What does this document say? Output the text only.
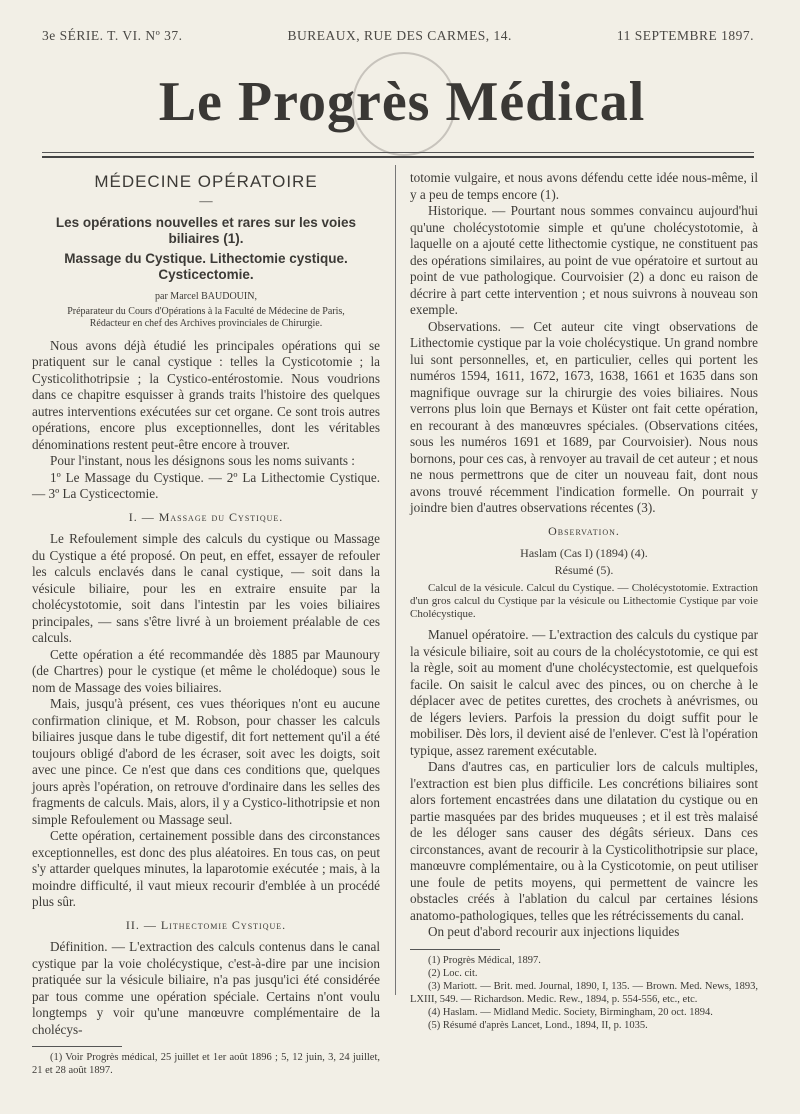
3e SÉRIE. T. VI. Nº 37.	BUREAUX, RUE DES CARMES, 14.	11 SEPTEMBRE 1897.
Le Progrès Médical
MÉDECINE OPÉRATOIRE
—
Les opérations nouvelles et rares sur les voies biliaires (1).
Massage du Cystique. Lithectomie cystique. Cysticectomie.
par Marcel BAUDOUIN,
Préparateur du Cours d'Opérations à la Faculté de Médecine de Paris,
Rédacteur en chef des Archives provinciales de Chirurgie.

Nous avons déjà étudié les principales opérations qui se pratiquent sur le canal cystique : telles la Cysticotomie ; la Cysticolithotripsie ; la Cystico-entérostomie. Nous voudrions dans ce chapitre esquisser à grands traits l'histoire des quelques autres interventions exécutées sur cet organe. Ce sont trois autres opérations, encore plus exceptionnelles, dont les véritables dénominations restent peut-être encore à trouver.

Pour l'instant, nous les désignons sous les noms suivants :

1º Le Massage du Cystique. — 2º La Lithectomie Cystique. — 3º La Cysticectomie.

I. — Massage du Cystique.

Le Refoulement simple des calculs du cystique ou Massage du Cystique a été proposé. On peut, en effet, essayer de refouler les calculs enclavés dans le canal cystique, — soit dans la vésicule biliaire, pour les en extraire ensuite par la cholécystotomie, soit dans l'intestin par les voies biliaires principales, — sans s'être livré à un broiement préalable de ces calculs.

Cette opération a été recommandée dès 1885 par Maunoury (de Chartres) pour le cystique (et même le cholédoque) sous le nom de Massage des voies biliaires.

Mais, jusqu'à présent, ces vues théoriques n'ont eu aucune confirmation clinique, et M. Robson, pour chasser les calculs biliaires jusque dans le tube digestif, dit fort nettement qu'il a été toujours obligé d'abord de les écraser, soit avec les doigts, soit avec une pince. Ce n'est que dans ces conditions que, quelques jours après l'opération, on retrouve d'ordinaire dans les selles des fragments de calculs. Mais, alors, il y a Cystico-lithotripsie et non simple Refoulement ou Massage seul.

Cette opération, certainement possible dans des circonstances exceptionnelles, est donc des plus aléatoires. En tous cas, on peut s'y attarder quelques minutes, la laparotomie exécutée ; mais, à la moindre difficulté, il vaut mieux recourir d'emblée à un procédé plus sûr.

II. — Lithectomie Cystique.

Définition. — L'extraction des calculs contenus dans le canal cystique par la voie cholécystique, c'est-à-dire par une incision pratiquée sur la vésicule biliaire, n'a pas jusqu'ici été considérée par tous comme une opération spéciale. Certains n'ont voulu longtemps y voir qu'une manœuvre complémentaire de la cholécys-

(1) Voir Progrès médical, 25 juillet et 1er août 1896 ; 5, 12 juin, 3, 24 juillet, 21 et 28 août 1897.

totomie vulgaire, et nous avons défendu cette idée nous-même, il y a peu de temps encore (1).

Historique. — Pourtant nous sommes convaincu aujourd'hui qu'une cholécystotomie simple et qu'une cholécystotomie, à laquelle on a ajouté cette lithectomie cystique, ne constituent pas des opérations similaires, au point de vue opératoire et surtout au point de vue pathologique. Courvoisier (2) a donc eu raison de décrire à part cette intervention ; et nous suivrons à nouveau son exemple.

Observations. — Cet auteur cite vingt observations de Lithectomie cystique par la voie cholécystique. Un grand nombre lui sont personnelles, et, en particulier, celles qui portent les numéros 1594, 1611, 1672, 1673, 1638, 1661 et 1635 dans son magnifique ouvrage sur la chirurgie des voies biliaires. Nous verrons plus loin que Bernays et Küster ont fait cette opération, en recourant à des manœuvres spéciales. (Observations citées, sous les numéros 1691 et 1689, par Courvoisier). Nous nous bornons, pour ces cas, à renvoyer au travail de cet auteur ; et nous ne nous permettrons que de citer un nouveau fait, dont nous avons trouvé récemment l'indication formelle. On pourrait y joindre bien d'autres observations récentes (3).

Observation.
Haslam (Cas I) (1894) (4).
Résumé (5).

Calcul de la vésicule. Calcul du Cystique. — Cholécystotomie. Extraction d'un gros calcul du Cystique par la vésicule ou Lithectomie Cystique par voie Cholécystique.

Manuel opératoire. — L'extraction des calculs du cystique par la vésicule biliaire, soit au cours de la cholécystotomie, ce qui est la règle, soit au moment d'une cholécystectomie, est quelquefois facile. On saisit le calcul avec des pinces, ou on cherche à le déplacer avec de petites curettes, des crochets à anévrismes, ou de légers leviers. Parfois la pression du doigt suffit pour le mobiliser. Dès lors, il devient aisé de l'enlever. C'est là l'opération typique, assez rarement exécutable.

Dans d'autres cas, en particulier lors de calculs multiples, l'extraction est bien plus difficile. Les concrétions biliaires sont alors fortement encastrées dans une dilatation du cystique ou en partie masquées par des brides muqueuses ; et il est très malaisé de les déloger sans causer des dégâts sérieux. Dans ces circonstances, avant de recourir à la Cysticolithotripsie sur place, manœuvre complémentaire, ou à la Cysticotomie, on peut utiliser une foule de petits moyens, qui permettent de vaincre les obstacles créés à l'ablation du calcul par certaines lésions anatomo-pathologiques, telles que les rétrécissements du canal.

On peut d'abord recourir aux injections liquides

(1) Progrès Médical, 1897.

(2) Loc. cit.

(3) Mariott. — Brit. med. Journal, 1890, I, 135. — Brown. Med. News, 1893, LXIII, 549. — Richardson. Medic. Rew., 1894, p. 554-556, etc., etc.

(4) Haslam. — Midland Medic. Society, Birmingham, 20 oct. 1894.

(5) Résumé d'après Lancet, Lond., 1894, II, p. 1035.
